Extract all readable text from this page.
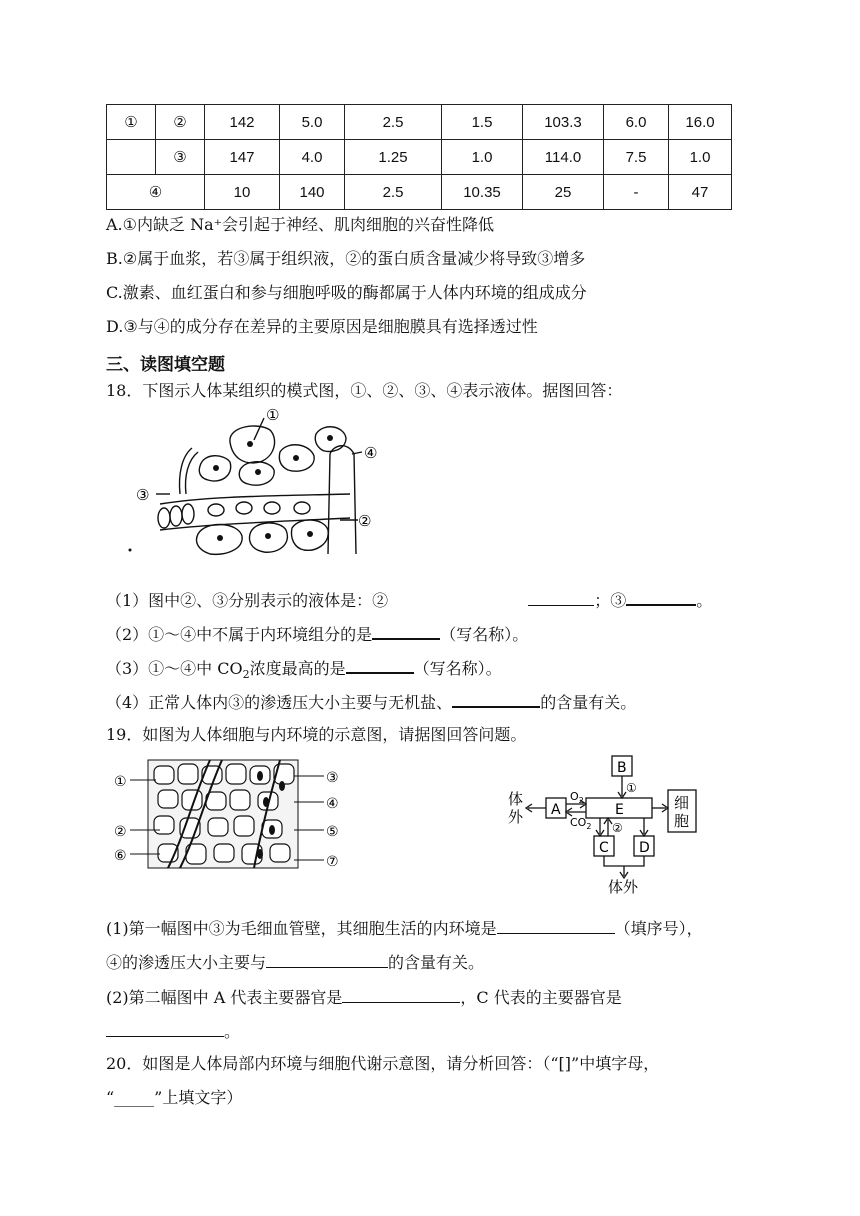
①	②	142	5.0	2.5	1.5	103.3	6.0	16.0
	③	147	4.0	1.25	1.0	114.0	7.5	1.0
④		10	140	2.5	10.35	25	-	47
A.①内缺乏 Na⁺会引起于神经、肌肉细胞的兴奋性降低
B.②属于血浆，若③属于组织液，②的蛋白质含量减少将导致③增多
C.激素、血红蛋白和参与细胞呼吸的酶都属于人体内环境的组成成分
D.③与④的成分存在差异的主要原因是细胞膜具有选择透过性
三、读图填空题
18．下图示人体某组织的模式图，①、②、③、④表示液体。据图回答：
①
④
③
②
（1）图中②、③分别表示的液体是：②	；③	。
（2）①～④中不属于内环境组分的是	（写名称）。
（3）①～④中 $CO_2$浓度最高的是	（写名称）。
（4）正常人体内③的渗透压大小主要与无机盐、	的含量有关。
19．如图为人体细胞与内环境的示意图，请据图回答问题。
①
②
⑥
③
④
⑤
⑦
B
①
A	E
C D
②
$O_2$
$CO_2$
体
外
细
胞
体外
(1)第一幅图中③为毛细血管壁，其细胞生活的内环境是	（填序号），
④的渗透压大小主要与	的含量有关。
(2)第二幅图中 A 代表主要器官是	，C 代表的主要器官是
。
20．如图是人体局部内环境与细胞代谢示意图，请分析回答：（“[]”中填字母，
“_____”上填文字）
